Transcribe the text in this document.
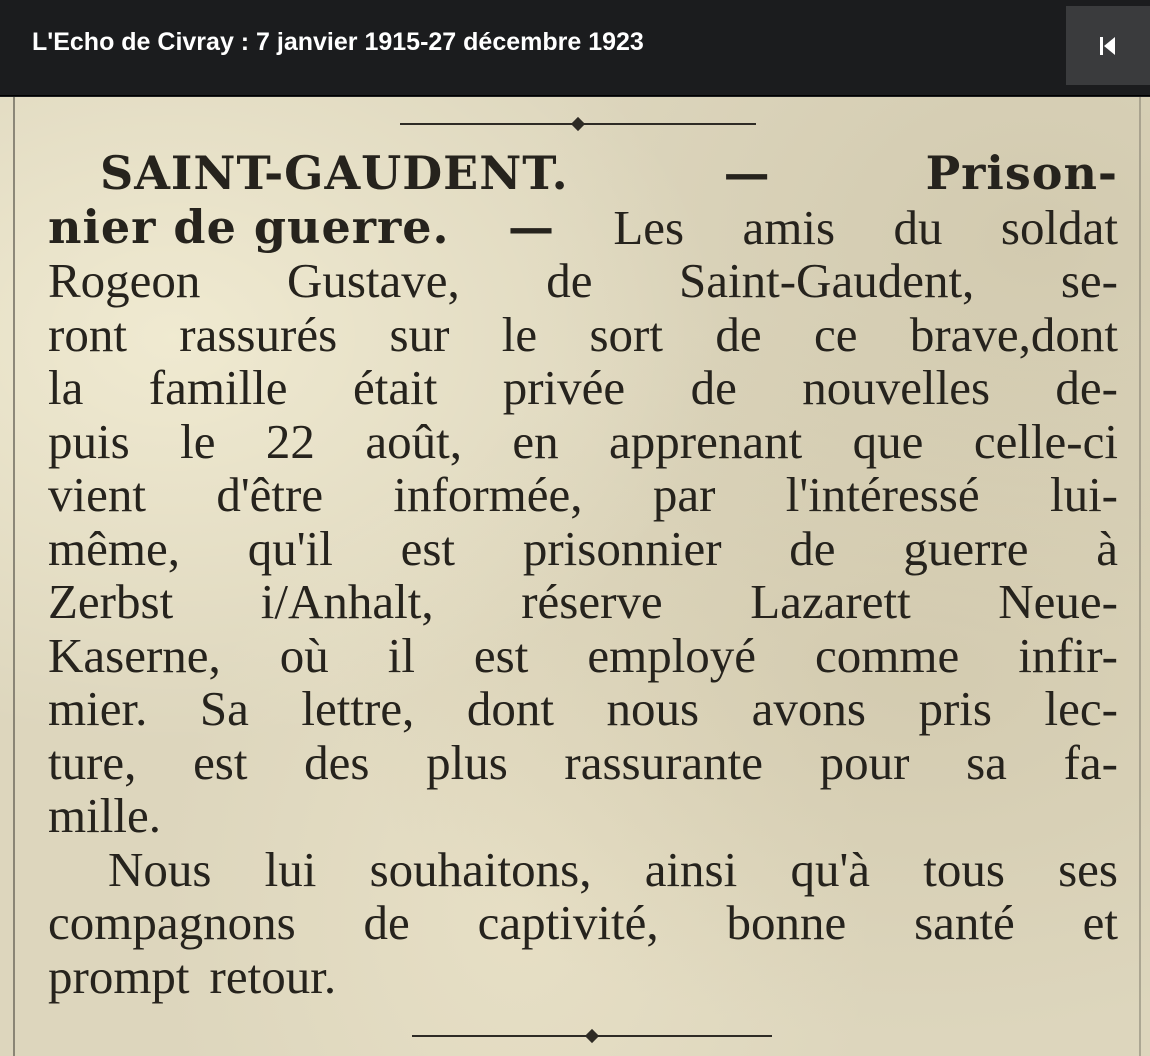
L'Echo de Civray : 7 janvier 1915-27 décembre 1923
SAINT-GAUDENT.	—	Prison-
nier de guerre. — Les amis du soldat
Rogeon Gustave, de Saint-Gaudent, se-
ront rassurés sur le sort de ce brave,dont
la famille était privée de nouvelles de-
puis le 22 août, en apprenant que celle-ci
vient d'être informée, par l'intéressé lui-
même, qu'il est prisonnier de guerre à
Zerbst i/Anhalt, réserve Lazarett Neue-
Kaserne, où il est employé comme infir-
mier. Sa lettre, dont nous avons pris lec-
ture, est des plus rassurante pour sa fa-
mille.
Nous lui souhaitons, ainsi qu'à tous ses
compagnons de captivité, bonne santé et
prompt retour.
